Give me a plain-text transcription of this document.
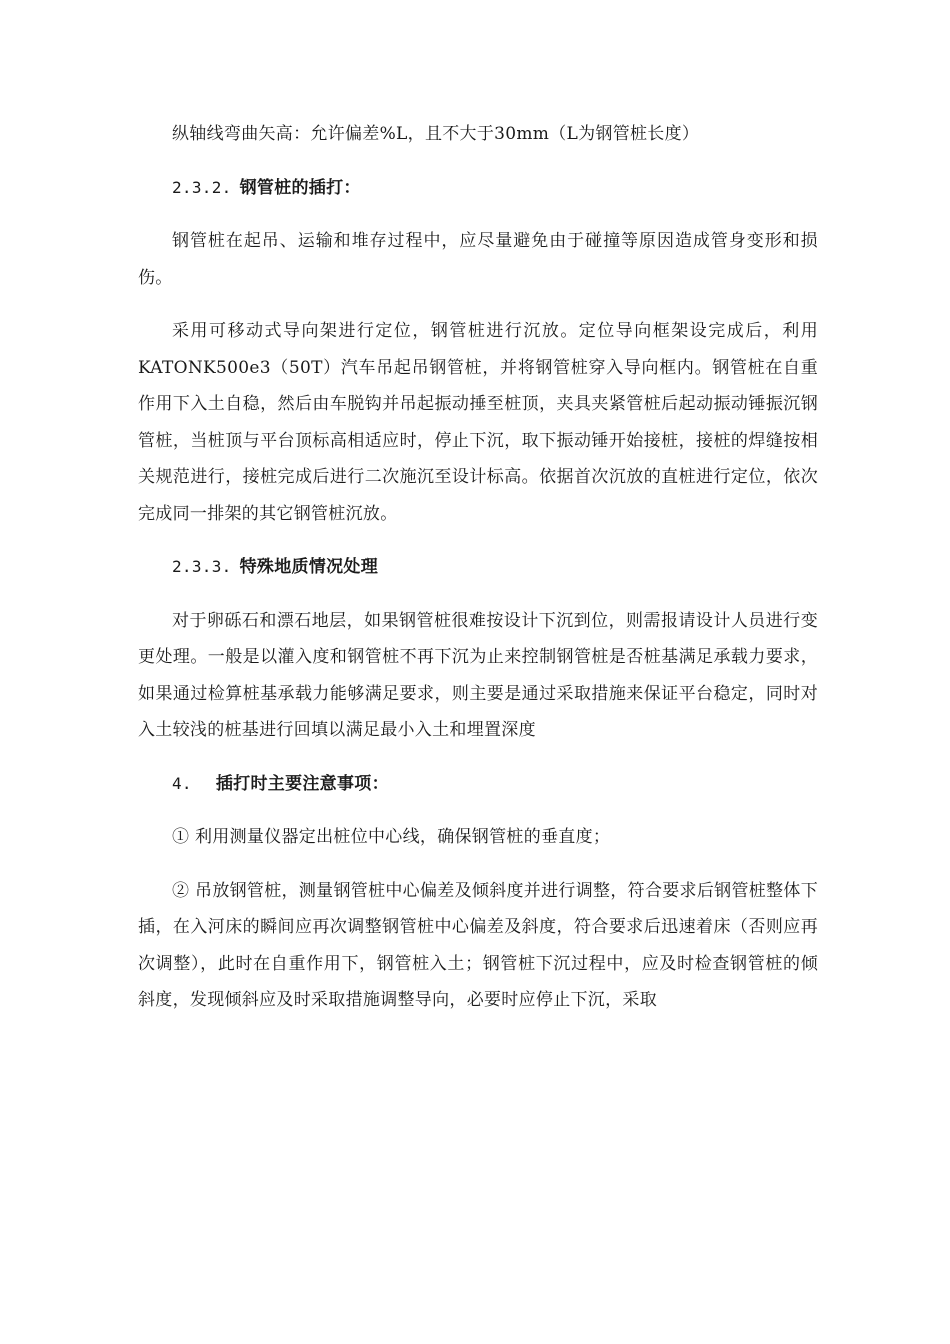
纵轴线弯曲矢高：允许偏差%L，且不大于30mm（L为钢管桩长度）

2.3.2. 钢管桩的插打：

钢管桩在起吊、运输和堆存过程中，应尽量避免由于碰撞等原因造成管身变形和损伤。

采用可移动式导向架进行定位，钢管桩进行沉放。定位导向框架设完成后，利用KATONK500e3（50T）汽车吊起吊钢管桩，并将钢管桩穿入导向框内。钢管桩在自重作用下入土自稳，然后由车脱钩并吊起振动捶至桩顶，夹具夹紧管桩后起动振动锤振沉钢管桩，当桩顶与平台顶标高相适应时，停止下沉，取下振动锤开始接桩，接桩的焊缝按相关规范进行，接桩完成后进行二次施沉至设计标高。依据首次沉放的直桩进行定位，依次完成同一排架的其它钢管桩沉放。

2.3.3. 特殊地质情况处理

对于卵砾石和漂石地层，如果钢管桩很难按设计下沉到位，则需报请设计人员进行变更处理。一般是以灌入度和钢管桩不再下沉为止来控制钢管桩是否桩基满足承载力要求，如果通过检算桩基承载力能够满足要求，则主要是通过采取措施来保证平台稳定，同时对入土较浅的桩基进行回填以满足最小入土和埋置深度

4. 插打时主要注意事项：

① 利用测量仪器定出桩位中心线，确保钢管桩的垂直度；

② 吊放钢管桩，测量钢管桩中心偏差及倾斜度并进行调整，符合要求后钢管桩整体下插，在入河床的瞬间应再次调整钢管桩中心偏差及斜度，符合要求后迅速着床（否则应再次调整），此时在自重作用下，钢管桩入土；钢管桩下沉过程中，应及时检查钢管桩的倾斜度，发现倾斜应及时采取措施调整导向，必要时应停止下沉，采取
